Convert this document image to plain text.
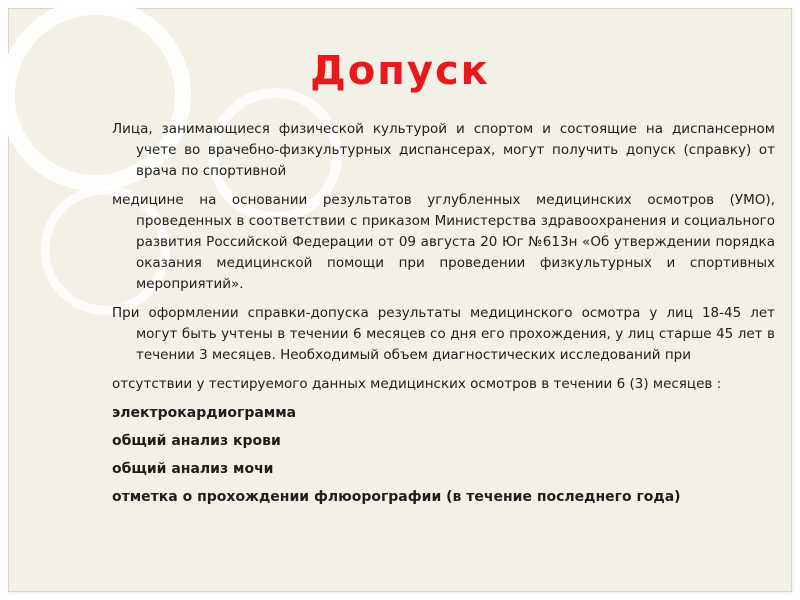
Допуск

Лица, занимающиеся физической культурой и спортом и состоящие на диспансерном учете во врачебно-физкультурных диспансерах, могут получить допуск (справку) от врача по спортивной

медицине на основании результатов углубленных медицинских осмотров (УМО), проведенных в соответствии с приказом Министерства здравоохранения и социального развития Российской Федерации от 09 августа 20 Юг №613н «Об утверждении порядка оказания медицинской помощи при проведении физкультурных и спортивных мероприятий».

При оформлении справки-допуска результаты медицинского осмотра у лиц 18-45 лет могут быть учтены в течении 6 месяцев со дня его прохождения, у лиц старше 45 лет в течении 3 месяцев. Необходимый объем диагностических исследований при

отсутствии у тестируемого данных медицинских осмотров в течении 6 (3) месяцев :

электрокардиограмма

общий анализ крови

общий анализ мочи

отметка о прохождении флюорографии (в течение последнего года)
